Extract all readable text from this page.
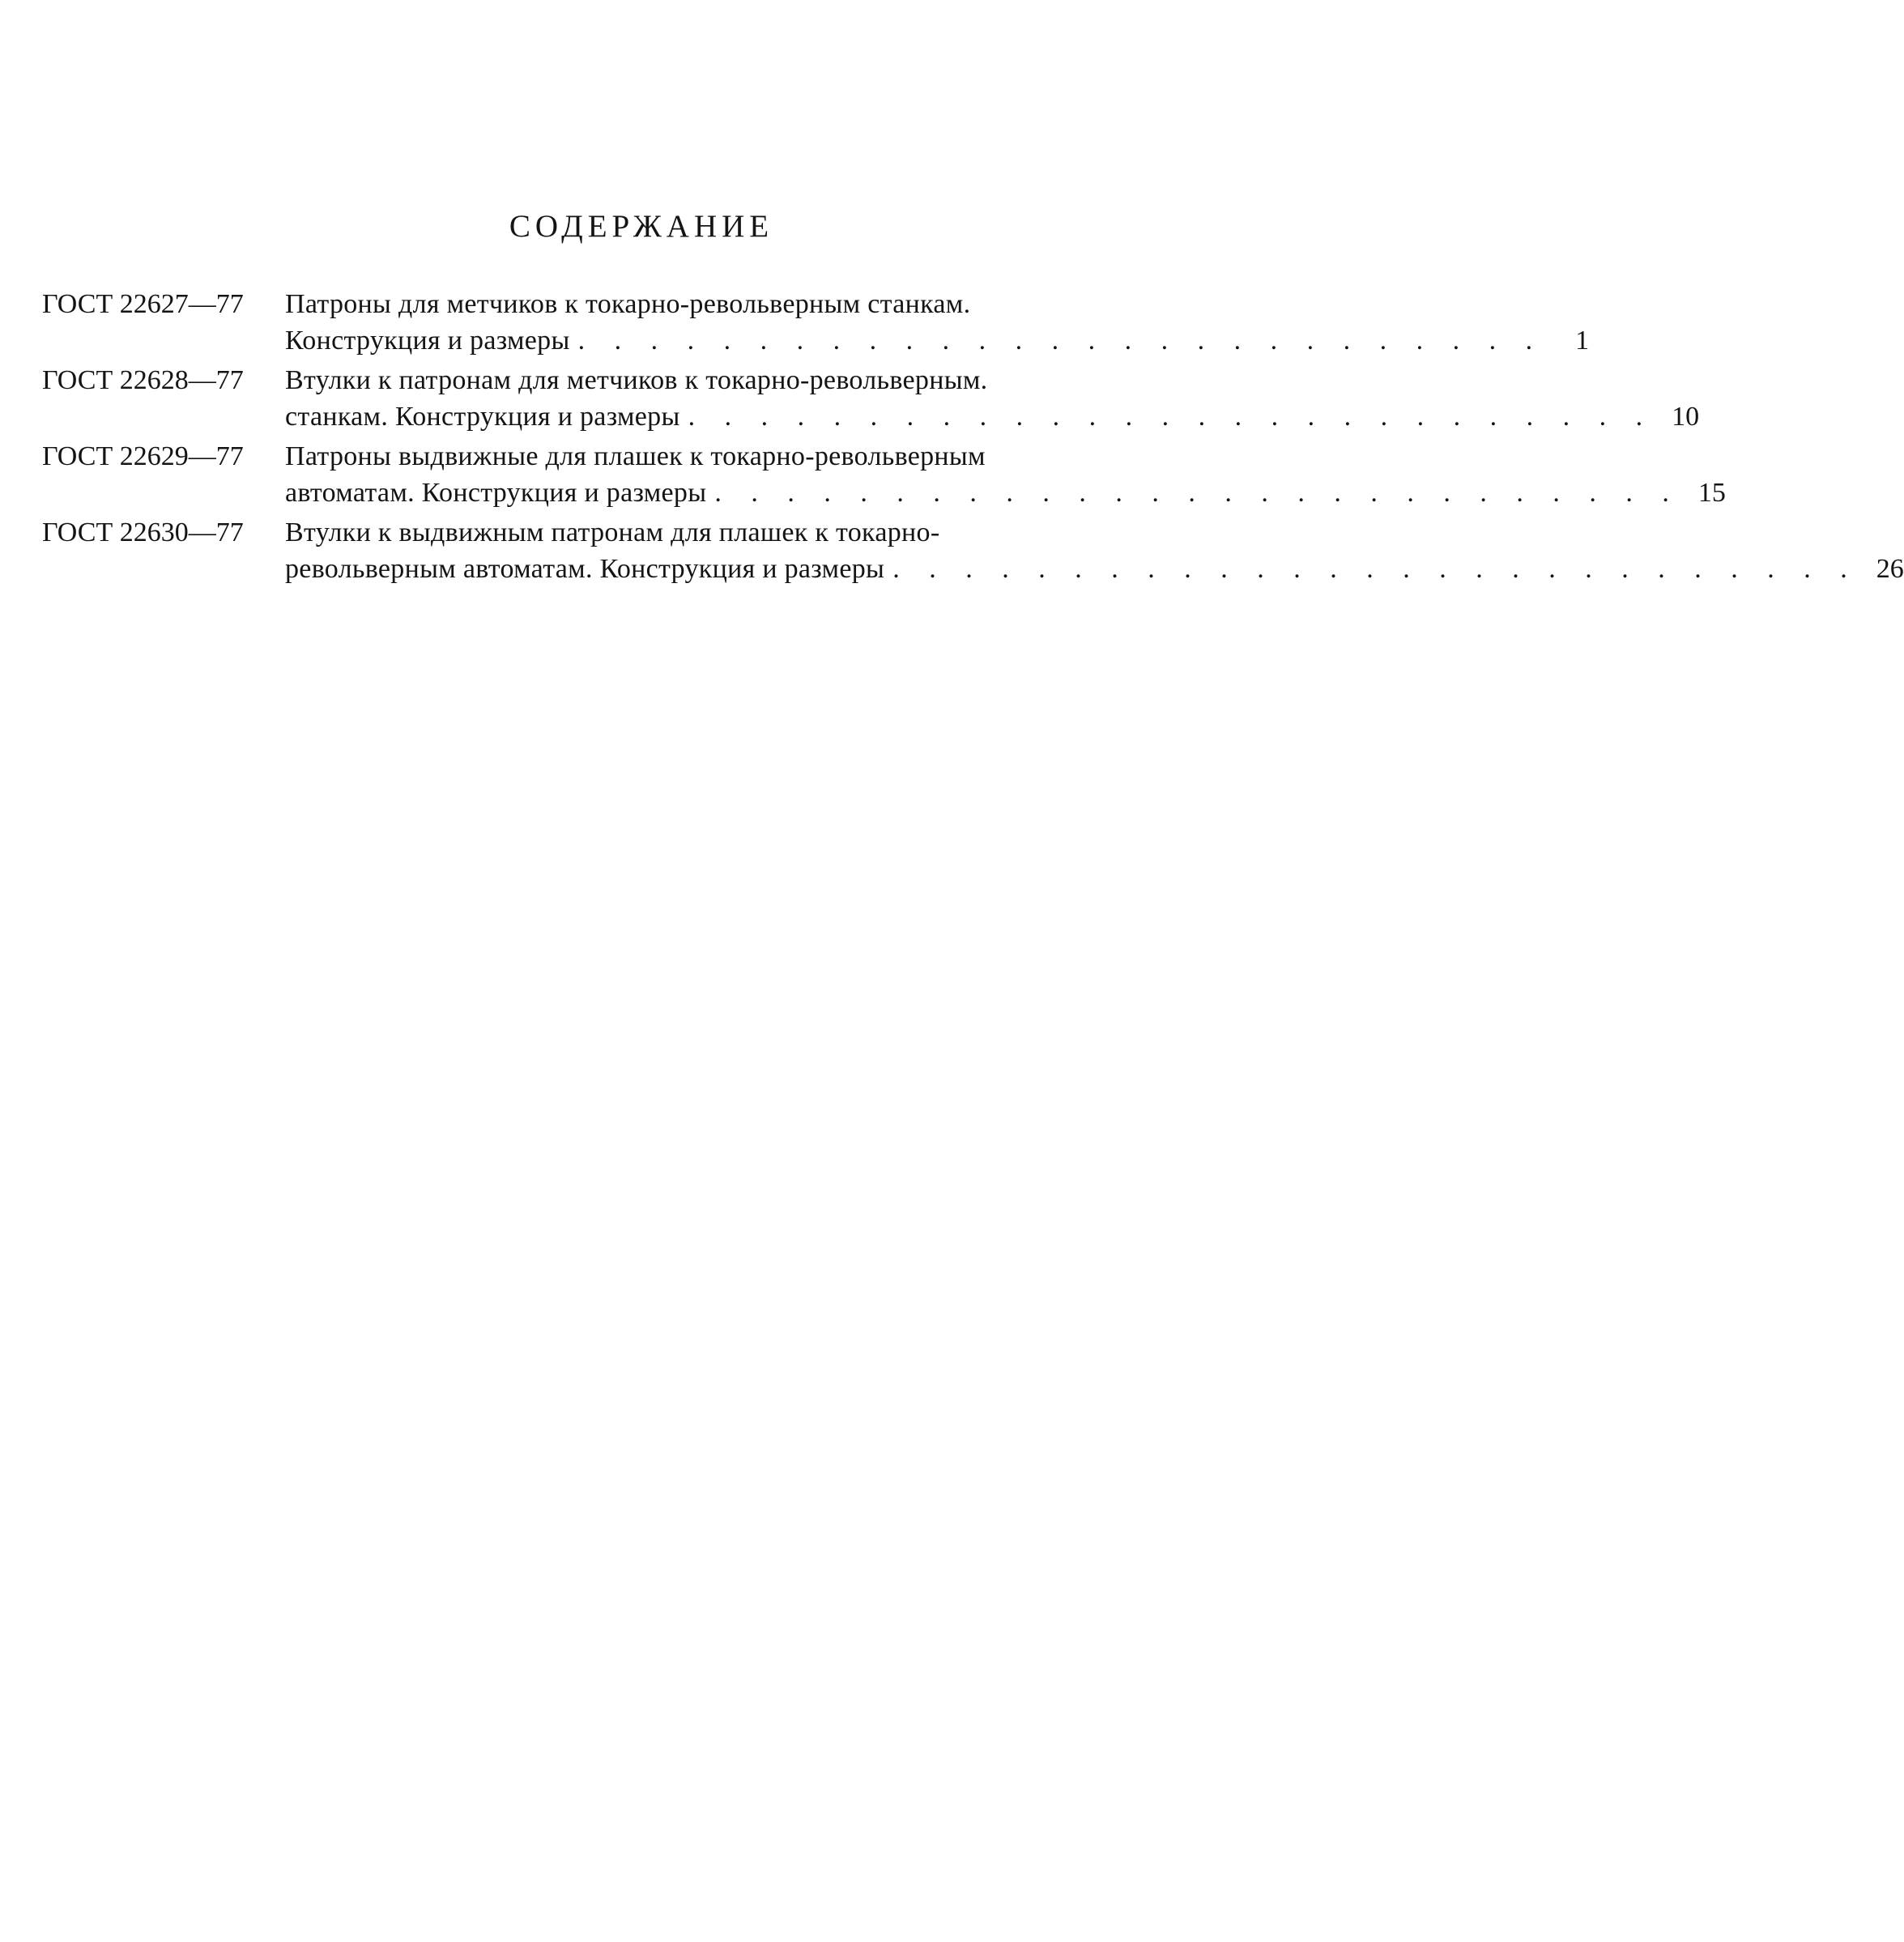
СОДЕРЖАНИЕ
ГОСТ 22627—77	Патроны для метчиков к токарно-револьверным станкам.
Конструкция и размеры . . . . . . . . . . . . . . . . . . . . . . . . . . .	1
ГОСТ 22628—77	Втулки к патронам для метчиков к токарно-револьверным.
станкам. Конструкция и размеры . . . . . . . . . . . . . . . . . . . . . . . . . . . 10
ГОСТ 22629—77	Патроны выдвижные для плашек к токарно-револьверным
автоматам. Конструкция и размеры . . . . . . . . . . . . . . . . . . . . . . . . . . . 15
ГОСТ 22630—77	Втулки к выдвижным патронам для плашек к токарно-
револьверным автоматам. Конструкция и размеры . . . . . . . . . . . . . . . . . . . . . . . . . . . 26
